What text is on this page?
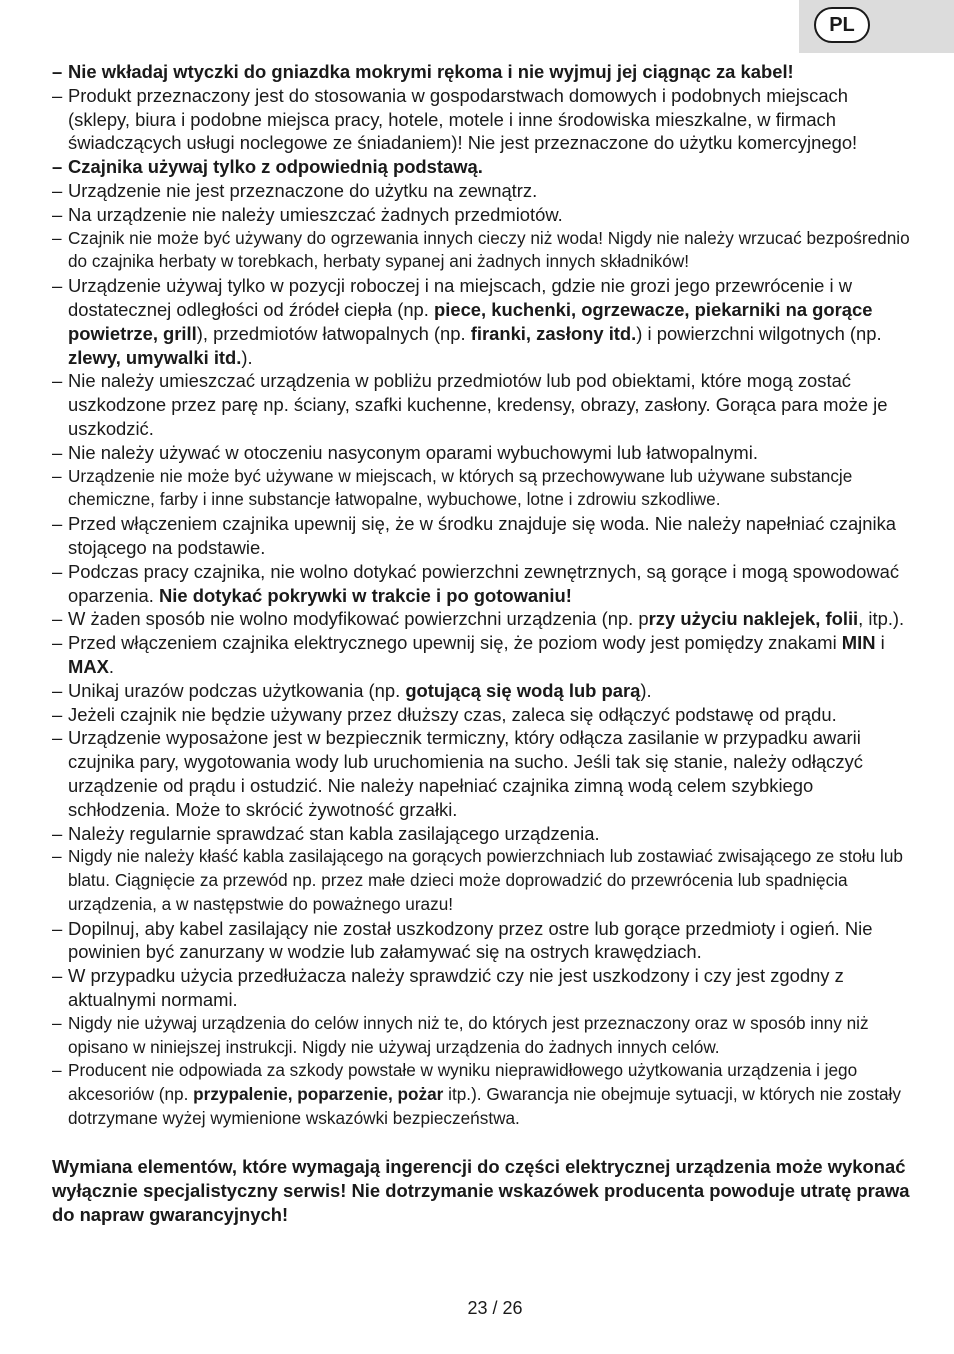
PL
– Nie wkładaj wtyczki do gniazdka mokrymi rękoma i nie wyjmuj jej ciągnąc za kabel!
– Produkt przeznaczony jest do stosowania w gospodarstwach domowych i podobnych miejscach (sklepy, biura i podobne miejsca pracy, hotele, motele i inne środowiska mieszkalne, w firmach świadczących usługi noclegowe ze śniadaniem)! Nie jest przeznaczone do użytku komercyjnego!
– Czajnika używaj tylko z odpowiednią podstawą.
– Urządzenie nie jest przeznaczone do użytku na zewnątrz.
– Na urządzenie nie należy umieszczać żadnych przedmiotów.
– Czajnik nie może być używany do ogrzewania innych cieczy niż woda! Nigdy nie należy wrzucać bezpośrednio do czajnika herbaty w torebkach, herbaty sypanej ani żadnych innych składników!
– Urządzenie używaj tylko w pozycji roboczej i na miejscach, gdzie nie grozi jego przewrócenie i w dostatecznej odległości od źródeł ciepła (np. piece, kuchenki, ogrzewacze, piekarniki na gorące powietrze, grill), przedmiotów łatwopalnych (np. firanki, zasłony itd.) i powierzchni wilgotnych (np. zlewy, umywalki itd.).
– Nie należy umieszczać urządzenia w pobliżu przedmiotów lub pod obiektami, które mogą zostać uszkodzone przez parę np. ściany, szafki kuchenne, kredensy, obrazy, zasłony. Gorąca para może je uszkodzić.
– Nie należy używać w otoczeniu nasyconym oparami wybuchowymi lub łatwopalnymi.
– Urządzenie nie może być używane w miejscach, w których są przechowywane lub używane substancje chemiczne, farby i inne substancje łatwopalne, wybuchowe, lotne i zdrowiu szkodliwe.
– Przed włączeniem czajnika upewnij się, że w środku znajduje się woda. Nie należy napełniać czajnika stojącego na podstawie.
– Podczas pracy czajnika, nie wolno dotykać powierzchni zewnętrznych, są gorące i mogą spowodować oparzenia. Nie dotykać pokrywki w trakcie i po gotowaniu!
– W żaden sposób nie wolno modyfikować powierzchni urządzenia (np. przy użyciu naklejek, folii, itp.).
– Przed włączeniem czajnika elektrycznego upewnij się, że poziom wody jest pomiędzy znakami MIN i MAX.
– Unikaj urazów podczas użytkowania (np. gotującą się wodą lub parą).
– Jeżeli czajnik nie będzie używany przez dłuższy czas, zaleca się odłączyć podstawę od prądu.
– Urządzenie wyposażone jest w bezpiecznik termiczny, który odłącza zasilanie w przypadku awarii czujnika pary, wygotowania wody lub uruchomienia na sucho. Jeśli tak się stanie, należy odłączyć urządzenie od prądu i ostudzić. Nie należy napełniać czajnika zimną wodą celem szybkiego schłodzenia. Może to skrócić żywotność grzałki.
– Należy regularnie sprawdzać stan kabla zasilającego urządzenia.
– Nigdy nie należy kłaść kabla zasilającego na gorących powierzchniach lub zostawiać zwisającego ze stołu lub blatu. Ciągnięcie za przewód np. przez małe dzieci może doprowadzić do przewrócenia lub spadnięcia urządzenia, a w następstwie do poważnego urazu!
– Dopilnuj, aby kabel zasilający nie został uszkodzony przez ostre lub gorące przedmioty i ogień. Nie powinien być zanurzany w wodzie lub załamywać się na ostrych krawędziach.
– W przypadku użycia przedłużacza należy sprawdzić czy nie jest uszkodzony i czy jest zgodny z aktualnymi normami.
– Nigdy nie używaj urządzenia do celów innych niż te, do których jest przeznaczony oraz w sposób inny niż opisano w niniejszej instrukcji. Nigdy nie używaj urządzenia do żadnych innych celów.
– Producent nie odpowiada za szkody powstałe w wyniku nieprawidłowego użytkowania urządzenia i jego akcesoriów (np. przypalenie, poparzenie, pożar itp.). Gwarancja nie obejmuje sytuacji, w których nie zostały dotrzymane wyżej wymienione wskazówki bezpieczeństwa.
Wymiana elementów, które wymagają ingerencji do części elektrycznej urządzenia może wykonać wyłącznie specjalistyczny serwis! Nie dotrzymanie wskazówek producenta powoduje utratę prawa do napraw gwarancyjnych!
23 / 26
